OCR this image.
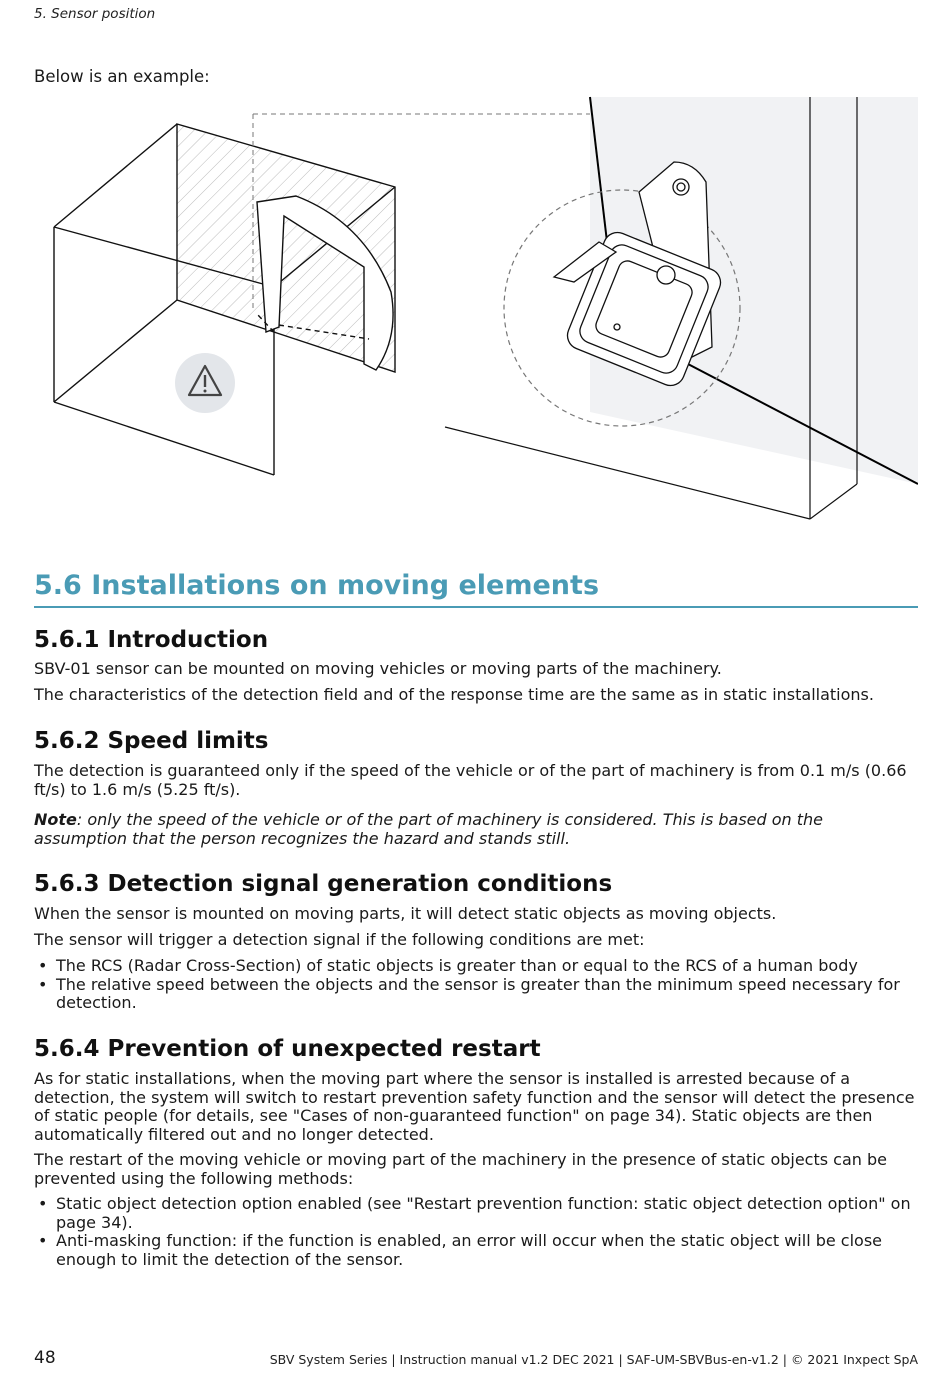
5. Sensor position
Below is an example:
5.6 Installations on moving elements
5.6.1 Introduction
SBV-01 sensor can be mounted on moving vehicles or moving parts of the machinery.
The characteristics of the detection field and of the response time are the same as in static installations.
5.6.2 Speed limits
The detection is guaranteed only if the speed of the vehicle or of the part of machinery is from 0.1 m/s (0.66 ft/s) to 1.6 m/s (5.25 ft/s).
Note: only the speed of the vehicle or of the part of machinery is considered. This is based on the assumption that the person recognizes the hazard and stands still.
5.6.3 Detection signal generation conditions
When the sensor is mounted on moving parts, it will detect static objects as moving objects.
The sensor will trigger a detection signal if the following conditions are met:
• The RCS (Radar Cross-Section) of static objects is greater than or equal to the RCS of a human body
• The relative speed between the objects and the sensor is greater than the minimum speed necessary for detection.
5.6.4 Prevention of unexpected restart
As for static installations, when the moving part where the sensor is installed is arrested because of a detection, the system will switch to restart prevention safety function and the sensor will detect the presence of static people (for details, see "Cases of non-guaranteed function" on page 34). Static objects are then automatically filtered out and no longer detected.
The restart of the moving vehicle or moving part of the machinery in the presence of static objects can be prevented using the following methods:
• Static object detection option enabled (see "Restart prevention function: static object detection option" on page 34).
• Anti-masking function: if the function is enabled, an error will occur when the static object will be close enough to limit the detection of the sensor.
48	SBV System Series | Instruction manual v1.2 DEC 2021 | SAF-UM-SBVBus-en-v1.2 | © 2021 Inxpect SpA
